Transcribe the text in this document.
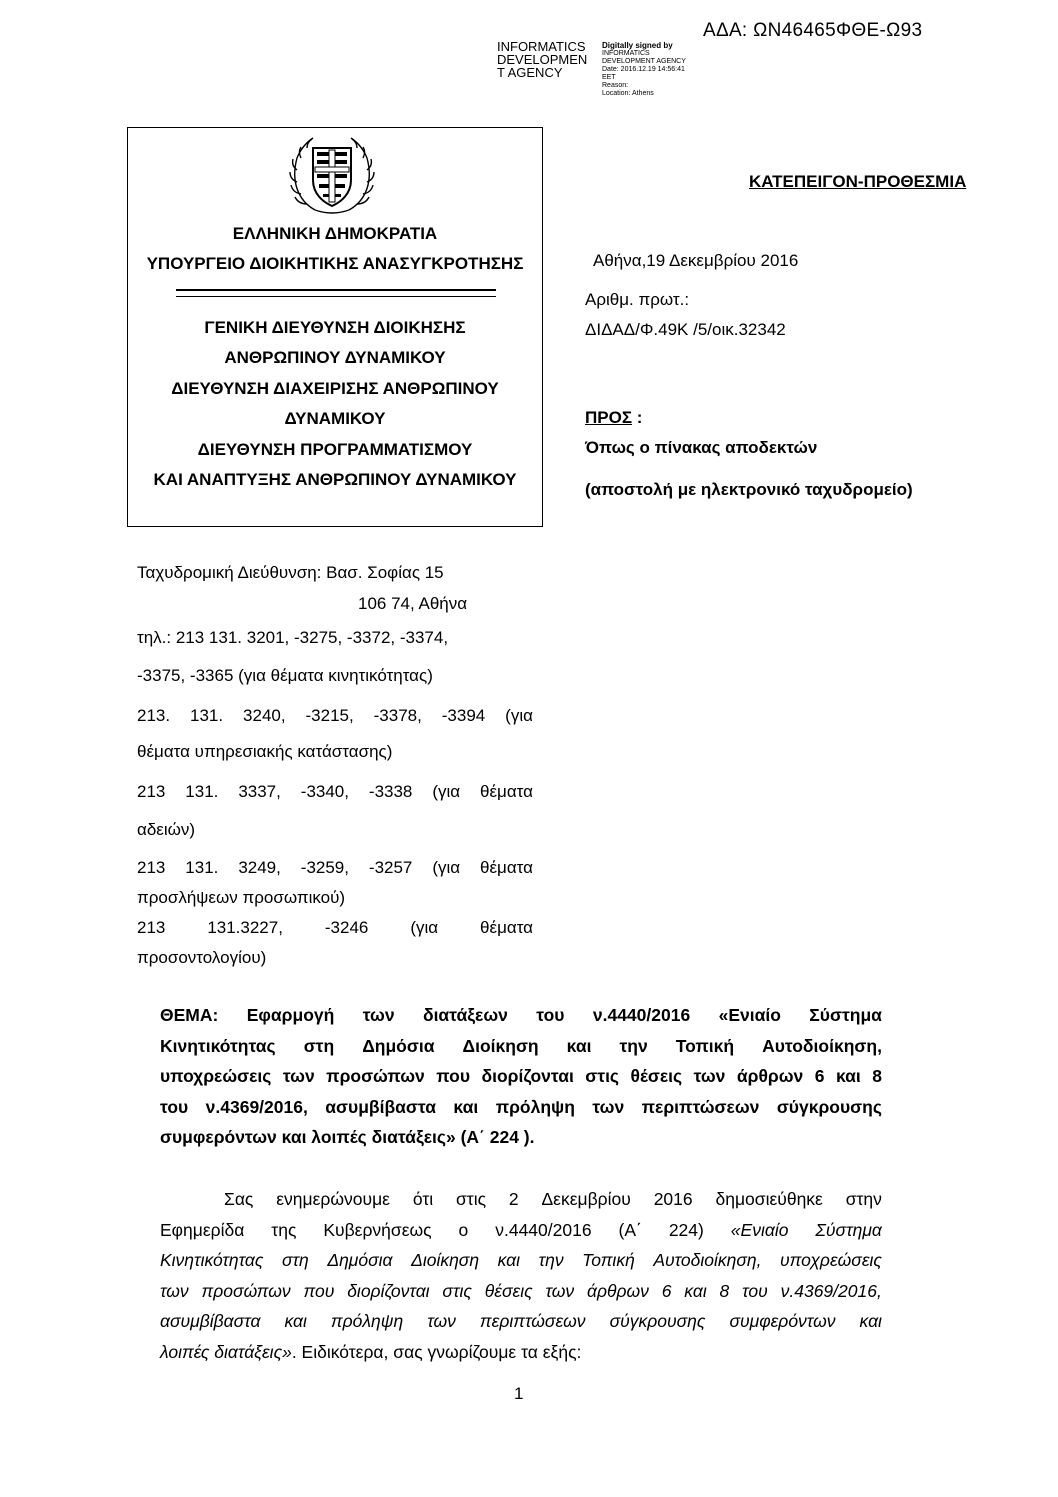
ΑΔΑ: ΩΝ46465ΦΘΕ-Ω93
INFORMATICS
DEVELOPMEN
T AGENCY
Digitally signed by
INFORMATICS
DEVELOPMENT AGENCY
Date: 2016.12.19 14:56:41
EET
Reason:
Location: Athens
ΕΛΛΗΝΙΚΗ ΔΗΜΟΚΡΑΤΙΑ
ΥΠΟΥΡΓΕΙΟ ΔΙΟΙΚΗΤΙΚΗΣ ΑΝΑΣΥΓΚΡΟΤΗΣΗΣ
ΓΕΝΙΚΗ ΔΙΕΥΘΥΝΣΗ ΔΙΟΙΚΗΣΗΣ
ΑΝΘΡΩΠΙΝΟΥ ΔΥΝΑΜΙΚΟΥ
ΔΙΕΥΘΥΝΣΗ ΔΙΑΧΕΙΡΙΣΗΣ ΑΝΘΡΩΠΙΝΟΥ
ΔΥΝΑΜΙΚΟΥ
ΔΙΕΥΘΥΝΣΗ ΠΡΟΓΡΑΜΜΑΤΙΣΜΟΥ
ΚΑΙ ΑΝΑΠΤΥΞΗΣ ΑΝΘΡΩΠΙΝΟΥ ΔΥΝΑΜΙΚΟΥ
ΚΑΤΕΠΕΙΓΟΝ-ΠΡΟΘΕΣΜΙΑ
Αθήνα,19 Δεκεμβρίου 2016
Αριθμ. πρωτ.:
ΔΙΔΑΔ/Φ.49Κ /5/οικ.32342
ΠΡΟΣ :
Όπως ο πίνακας αποδεκτών
(αποστολή με ηλεκτρονικό ταχυδρομείο)
Ταχυδρομική Διεύθυνση: Βασ. Σοφίας 15
106 74, Αθήνα
τηλ.: 213 131. 3201, -3275, -3372, -3374,
-3375, -3365 (για θέματα κινητικότητας)
213. 131. 3240, -3215, -3378, -3394 (για
θέματα υπηρεσιακής κατάστασης)
213 131. 3337, -3340, -3338 (για θέματα
αδειών)
213 131. 3249, -3259, -3257 (για θέματα
προσλήψεων προσωπικού)
213 131.3227, -3246 (για θέματα
προσοντολογίου)
ΘΕΜΑ: Εφαρμογή των διατάξεων του ν.4440/2016 «Ενιαίο Σύστημα
Κινητικότητας στη Δημόσια Διοίκηση και την Τοπική Αυτοδιοίκηση,
υποχρεώσεις των προσώπων που διορίζονται στις θέσεις των άρθρων 6 και 8
του ν.4369/2016, ασυμβίβαστα και πρόληψη των περιπτώσεων σύγκρουσης
συμφερόντων και λοιπές διατάξεις» (Α΄ 224 ).
Σας ενημερώνουμε ότι στις 2 Δεκεμβρίου 2016 δημοσιεύθηκε στην
Εφημερίδα της Κυβερνήσεως ο ν.4440/2016 (Α΄ 224) «Ενιαίο Σύστημα
Κινητικότητας στη Δημόσια Διοίκηση και την Τοπική Αυτοδιοίκηση, υποχρεώσεις
των προσώπων που διορίζονται στις θέσεις των άρθρων 6 και 8 του ν.4369/2016,
ασυμβίβαστα και πρόληψη των περιπτώσεων σύγκρουσης συμφερόντων και
λοιπές διατάξεις» . Ειδικότερα, σας γνωρίζουμε τα εξής:
1
